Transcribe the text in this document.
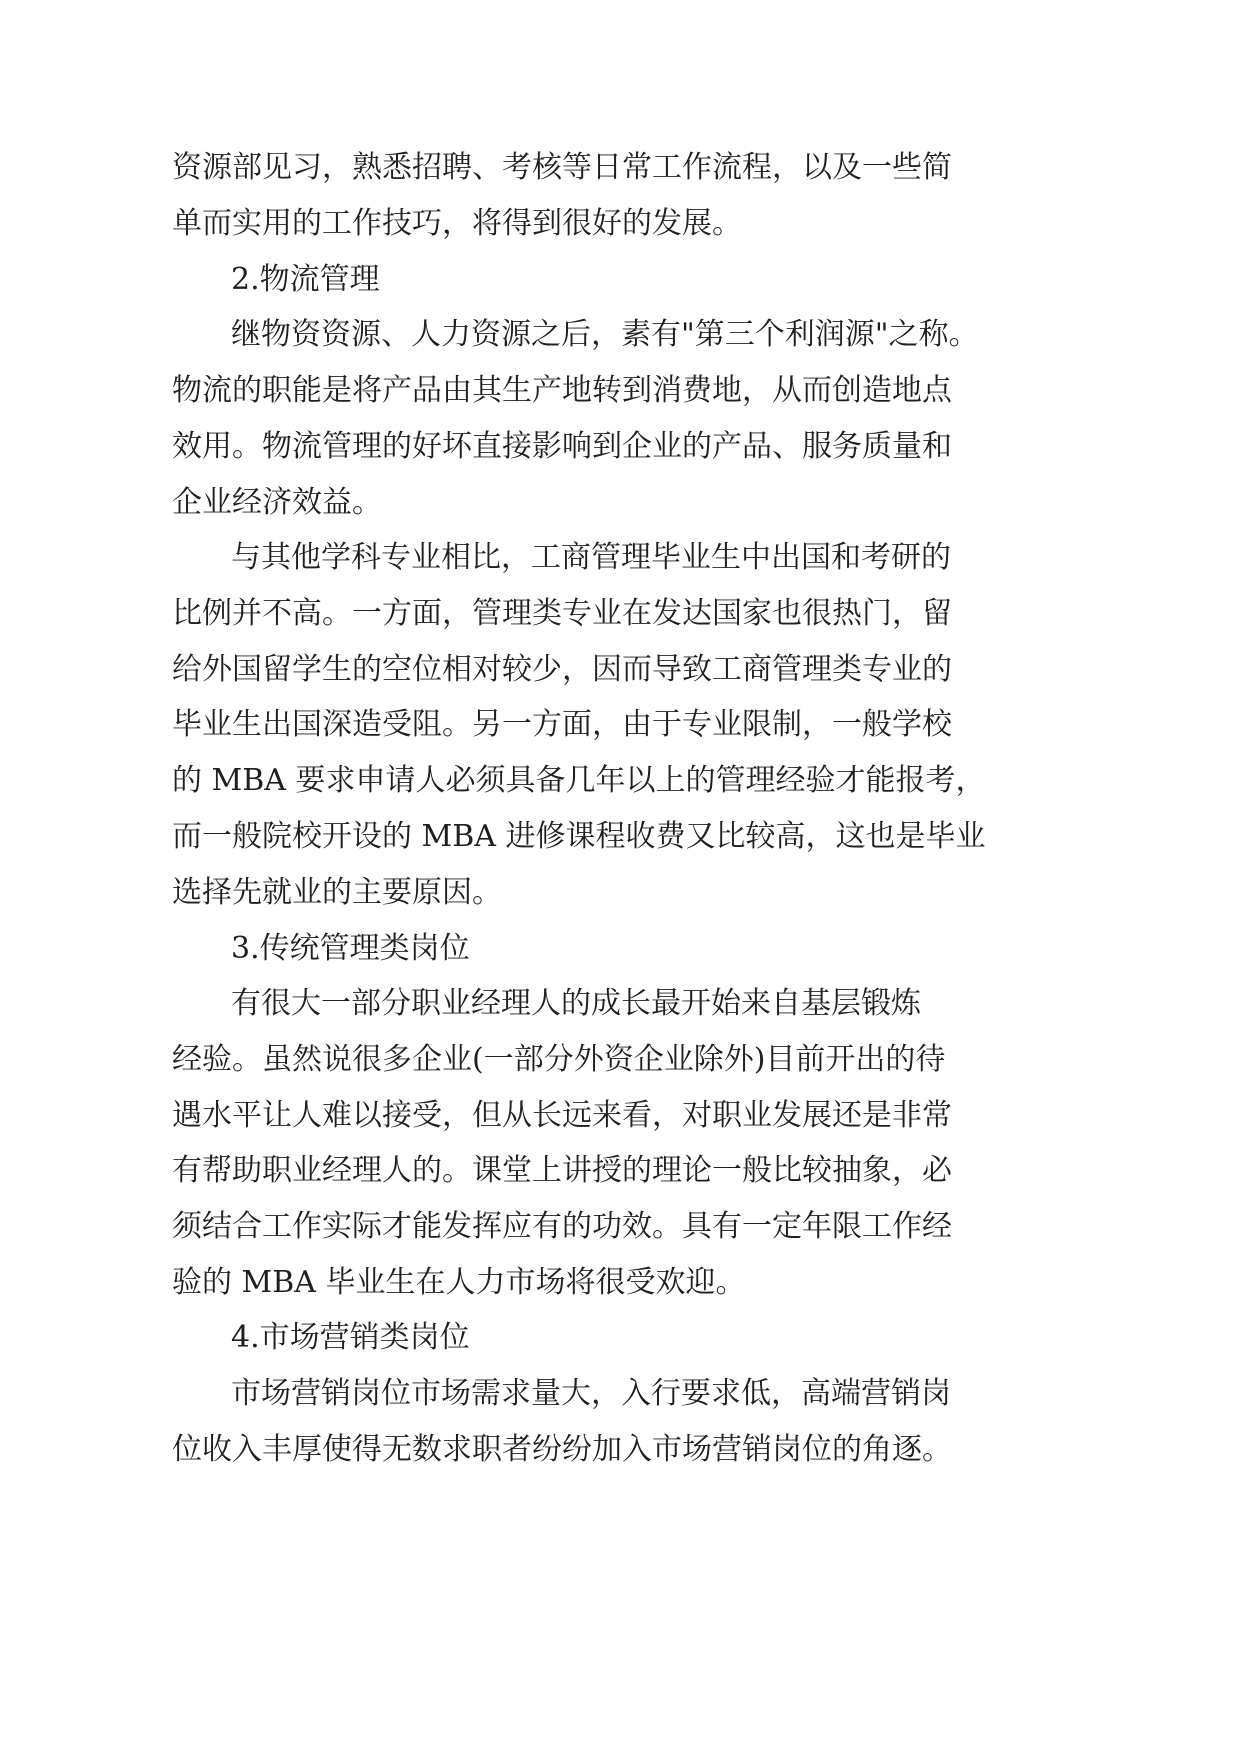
资源部见习，熟悉招聘、考核等日常工作流程，以及一些简
单而实用的工作技巧，将得到很好的发展。
2.物流管理
继物资资源、人力资源之后，素有"第三个利润源"之称。
物流的职能是将产品由其生产地转到消费地，从而创造地点
效用。物流管理的好坏直接影响到企业的产品、服务质量和
企业经济效益。
与其他学科专业相比，工商管理毕业生中出国和考研的
比例并不高。一方面，管理类专业在发达国家也很热门，留
给外国留学生的空位相对较少，因而导致工商管理类专业的
毕业生出国深造受阻。另一方面，由于专业限制，一般学校
的 MBA 要求申请人必须具备几年以上的管理经验才能报考，
而一般院校开设的 MBA 进修课程收费又比较高，这也是毕业
选择先就业的主要原因。
3.传统管理类岗位
有很大一部分职业经理人的成长最开始来自基层锻炼
经验。虽然说很多企业(一部分外资企业除外)目前开出的待
遇水平让人难以接受，但从长远来看，对职业发展还是非常
有帮助职业经理人的。课堂上讲授的理论一般比较抽象，必
须结合工作实际才能发挥应有的功效。具有一定年限工作经
验的 MBA 毕业生在人力市场将很受欢迎。
4.市场营销类岗位
市场营销岗位市场需求量大，入行要求低，高端营销岗
位收入丰厚使得无数求职者纷纷加入市场营销岗位的角逐。
